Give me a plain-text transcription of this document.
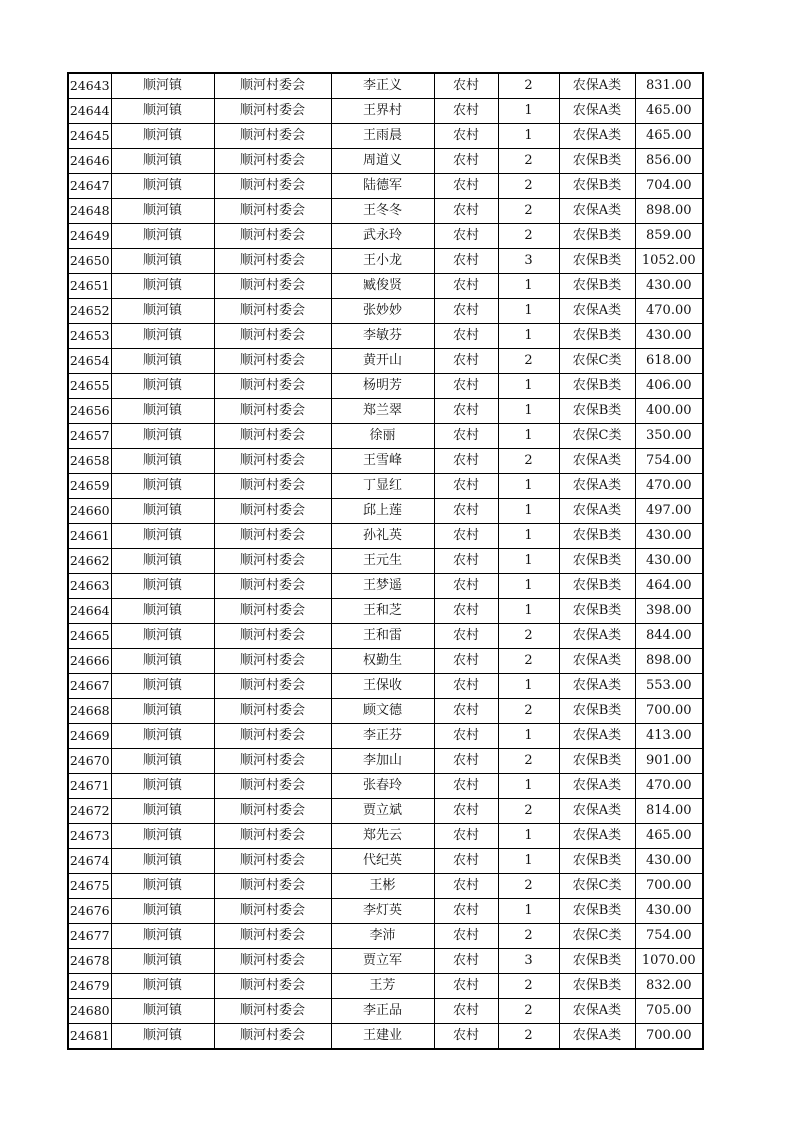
24643	顺河镇	顺河村委会	李正义	农村	2	农保A类	831.00
24644	顺河镇	顺河村委会	王界村	农村	1	农保A类	465.00
24645	顺河镇	顺河村委会	王雨晨	农村	1	农保A类	465.00
24646	顺河镇	顺河村委会	周道义	农村	2	农保B类	856.00
24647	顺河镇	顺河村委会	陆德军	农村	2	农保B类	704.00
24648	顺河镇	顺河村委会	王冬冬	农村	2	农保A类	898.00
24649	顺河镇	顺河村委会	武永玲	农村	2	农保B类	859.00
24650	顺河镇	顺河村委会	王小龙	农村	3	农保B类	1052.00
24651	顺河镇	顺河村委会	臧俊贤	农村	1	农保B类	430.00
24652	顺河镇	顺河村委会	张妙妙	农村	1	农保A类	470.00
24653	顺河镇	顺河村委会	李敏芬	农村	1	农保B类	430.00
24654	顺河镇	顺河村委会	黄开山	农村	2	农保C类	618.00
24655	顺河镇	顺河村委会	杨明芳	农村	1	农保B类	406.00
24656	顺河镇	顺河村委会	郑兰翠	农村	1	农保B类	400.00
24657	顺河镇	顺河村委会	徐丽	农村	1	农保C类	350.00
24658	顺河镇	顺河村委会	王雪峰	农村	2	农保A类	754.00
24659	顺河镇	顺河村委会	丁显红	农村	1	农保A类	470.00
24660	顺河镇	顺河村委会	邱上莲	农村	1	农保A类	497.00
24661	顺河镇	顺河村委会	孙礼英	农村	1	农保B类	430.00
24662	顺河镇	顺河村委会	王元生	农村	1	农保B类	430.00
24663	顺河镇	顺河村委会	王梦遥	农村	1	农保B类	464.00
24664	顺河镇	顺河村委会	王和芝	农村	1	农保B类	398.00
24665	顺河镇	顺河村委会	王和雷	农村	2	农保A类	844.00
24666	顺河镇	顺河村委会	权勤生	农村	2	农保A类	898.00
24667	顺河镇	顺河村委会	王保收	农村	1	农保A类	553.00
24668	顺河镇	顺河村委会	顾文德	农村	2	农保B类	700.00
24669	顺河镇	顺河村委会	李正芬	农村	1	农保A类	413.00
24670	顺河镇	顺河村委会	李加山	农村	2	农保B类	901.00
24671	顺河镇	顺河村委会	张春玲	农村	1	农保A类	470.00
24672	顺河镇	顺河村委会	贾立斌	农村	2	农保A类	814.00
24673	顺河镇	顺河村委会	郑先云	农村	1	农保A类	465.00
24674	顺河镇	顺河村委会	代纪英	农村	1	农保B类	430.00
24675	顺河镇	顺河村委会	王彬	农村	2	农保C类	700.00
24676	顺河镇	顺河村委会	李灯英	农村	1	农保B类	430.00
24677	顺河镇	顺河村委会	李沛	农村	2	农保C类	754.00
24678	顺河镇	顺河村委会	贾立军	农村	3	农保B类	1070.00
24679	顺河镇	顺河村委会	王芳	农村	2	农保B类	832.00
24680	顺河镇	顺河村委会	李正品	农村	2	农保A类	705.00
24681	顺河镇	顺河村委会	王建业	农村	2	农保A类	700.00
